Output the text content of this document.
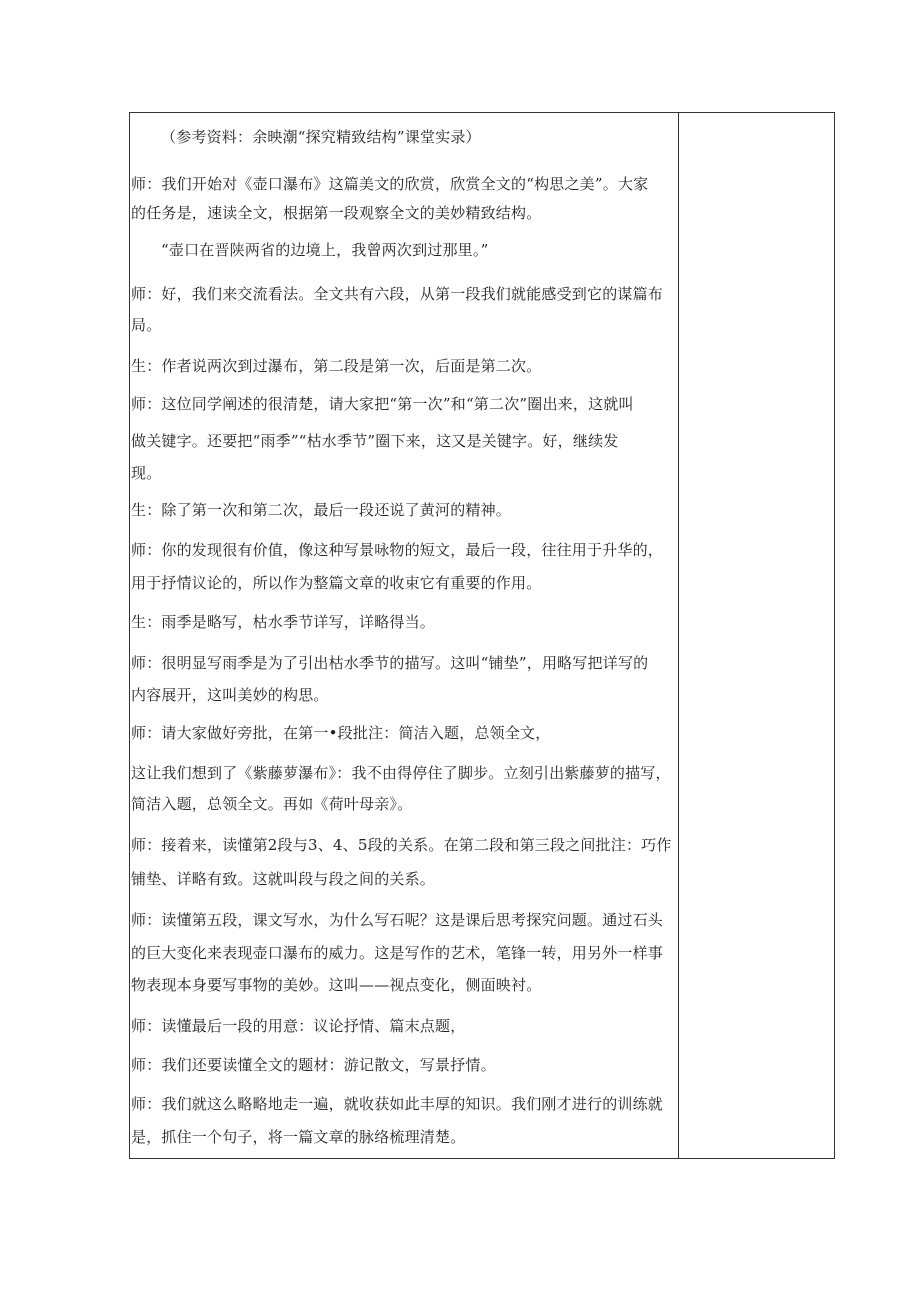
（参考资料：余映潮“探究精致结构”课堂实录）
师：我们开始对《壶口瀑布》这篇美文的欣赏，欣赏全文的“构思之美”。大家
的任务是，速读全文，根据第一段观察全文的美妙精致结构。
“壶口在晋陕两省的边境上，我曾两次到过那里。”
师：好，我们来交流看法。全文共有六段，从第一段我们就能感受到它的谋篇布
局。
生：作者说两次到过瀑布，第二段是第一次，后面是第二次。
师：这位同学阐述的很清楚，请大家把“第一次”和“第二次”圈出来，这就叫
做关键字。还要把“雨季”“枯水季节”圈下来，这又是关键字。好，继续发
现。
生：除了第一次和第二次，最后一段还说了黄河的精神。
师：你的发现很有价值，像这种写景咏物的短文，最后一段，往往用于升华的，
用于抒情议论的，所以作为整篇文章的收束它有重要的作用。
生：雨季是略写，枯水季节详写，详略得当。
师：很明显写雨季是为了引出枯水季节的描写。这叫“铺垫”，用略写把详写的
内容展开，这叫美妙的构思。
师：请大家做好旁批，在第一•段批注：简洁入题，总领全文，
这让我们想到了《紫藤萝瀑布》：我不由得停住了脚步。立刻引出紫藤萝的描写，
简洁入题，总领全文。再如《荷叶母亲》。
师：接着来，读懂第2段与3、4、5段的关系。在第二段和第三段之间批注：巧作
铺垫、详略有致。这就叫段与段之间的关系。
师：读懂第五段，课文写水，为什么写石呢？这是课后思考探究问题。通过石头
的巨大变化来表现壶口瀑布的威力。这是写作的艺术，笔锋一转，用另外一样事
物表现本身要写事物的美妙。这叫——视点变化，侧面映衬。
师：读懂最后一段的用意：议论抒情、篇末点题，
师：我们还要读懂全文的题材：游记散文，写景抒情。
师：我们就这么略略地走一遍，就收获如此丰厚的知识。我们刚才进行的训练就
是，抓住一个句子，将一篇文章的脉络梳理清楚。
